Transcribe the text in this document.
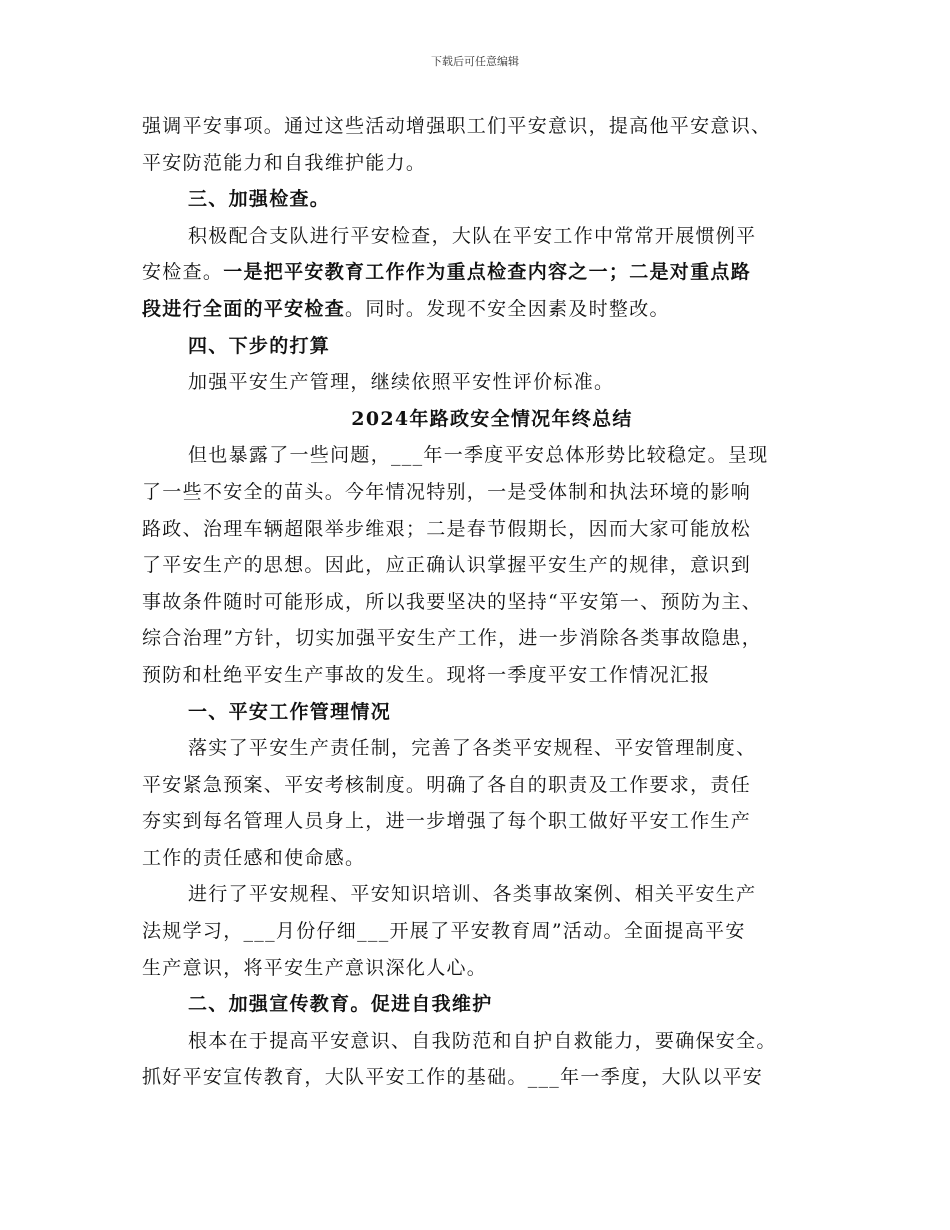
下载后可任意编辑
强调平安事项。通过这些活动增强职工们平安意识，提高他平安意识、
平安防范能力和自我维护能力。
三、加强检查。
积极配合支队进行平安检查，大队在平安工作中常常开展惯例平
安检查。一是把平安教育工作作为重点检查内容之一；二是对重点路
段进行全面的平安检查。同时。发现不安全因素及时整改。
四、下步的打算
加强平安生产管理，继续依照平安性评价标准。
2024年路政安全情况年终总结
但也暴露了一些问题，___年一季度平安总体形势比较稳定。呈现
了一些不安全的苗头。今年情况特别，一是受体制和执法环境的影响
路政、治理车辆超限举步维艰；二是春节假期长，因而大家可能放松
了平安生产的思想。因此，应正确认识掌握平安生产的规律，意识到
事故条件随时可能形成，所以我要坚决的坚持“平安第一、预防为主、
综合治理”方针，切实加强平安生产工作，进一步消除各类事故隐患，
预防和杜绝平安生产事故的发生。现将一季度平安工作情况汇报
一、平安工作管理情况
落实了平安生产责任制，完善了各类平安规程、平安管理制度、
平安紧急预案、平安考核制度。明确了各自的职责及工作要求，责任
夯实到每名管理人员身上，进一步增强了每个职工做好平安工作生产
工作的责任感和使命感。
进行了平安规程、平安知识培训、各类事故案例、相关平安生产
法规学习，___月份仔细___开展了平安教育周”活动。全面提高平安
生产意识，将平安生产意识深化人心。
二、加强宣传教育。促进自我维护
根本在于提高平安意识、自我防范和自护自救能力，要确保安全。
抓好平安宣传教育，大队平安工作的基础。___年一季度，大队以平安
